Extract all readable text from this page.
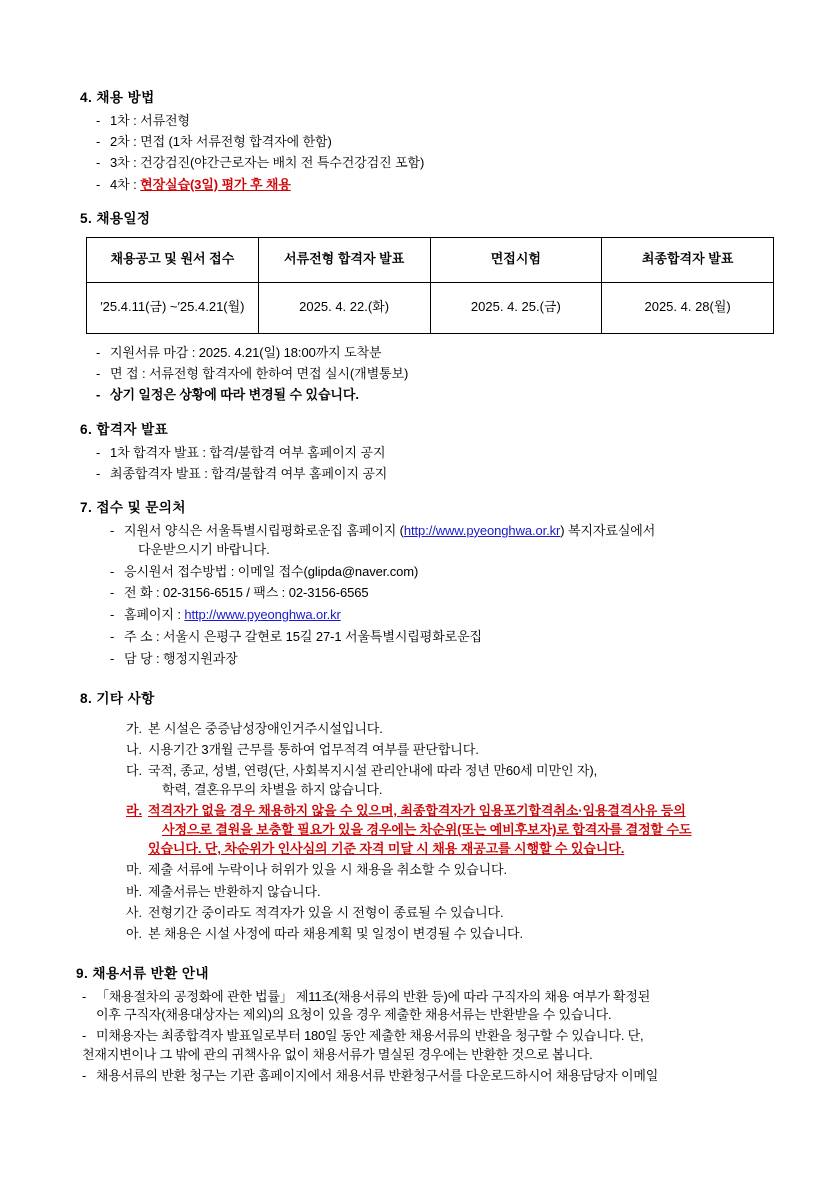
4. 채용 방법
- 1차 : 서류전형
- 2차 : 면접 (1차 서류전형 합격자에 한함)
- 3차 : 건강검진(야간근로자는 배치 전 특수건강검진 포함)
- 4차 : 현장실습(3일) 평가 후 채용
5. 채용일정
채용공고 및 원서 접수	서류전형 합격자 발표	면접시험	최종합격자 발표
′25.4.11(금) ~′25.4.21(월)	2025. 4. 22.(화)	2025. 4. 25.(금)	2025. 4. 28(월)
- 지원서류 마감 : 2025. 4.21(일) 18:00까지 도착분
- 면 접 : 서류전형 합격자에 한하여 면접 실시(개별통보)
- 상기 일정은 상황에 따라 변경될 수 있습니다.
6. 합격자 발표
- 1차 합격자 발표 : 합격/불합격 여부 홈페이지 공지
- 최종합격자 발표 : 합격/불합격 여부 홈페이지 공지
7. 접수 및 문의처
- 지원서 양식은 서울특별시립평화로운집 홈페이지 (http://www.pyeonghwa.or.kr) 복지자료실에서
다운받으시기 바랍니다.
- 응시원서 접수방법 : 이메일 접수(glipda@naver.com)
- 전 화 : 02-3156-6515 / 팩스 : 02-3156-6565
- 홈페이지 : http://www.pyeonghwa.or.kr
- 주 소 : 서울시 은평구 갈현로 15길 27-1 서울특별시립평화로운집
- 담 당 : 행정지원과장
8. 기타 사항
가. 본 시설은 중증남성장애인거주시설입니다.
나. 시용기간 3개월 근무를 통하여 업무적격 여부를 판단합니다.
다. 국적, 종교, 성별, 연령(단, 사회복지시설 관리안내에 따라 정년 만60세 미만인 자),
학력, 결혼유무의 차별을 하지 않습니다.
라. 적격자가 없을 경우 채용하지 않을 수 있으며, 최종합격자가 임용포기합격취소·임용결격사유 등의
사정으로 결원을 보충할 필요가 있을 경우에는 차순위(또는 예비후보자)로 합격자를 결정할 수도
있습니다. 단, 차순위가 인사심의 기준 자격 미달 시 채용 재공고를 시행할 수 있습니다.
마. 제출 서류에 누락이나 허위가 있을 시 채용을 취소할 수 있습니다.
바. 제출서류는 반환하지 않습니다.
사. 전형기간 중이라도 적격자가 있을 시 전형이 종료될 수 있습니다.
아. 본 채용은 시설 사정에 따라 채용계획 및 일정이 변경될 수 있습니다.
9. 채용서류 반환 안내
- 「채용절차의 공정화에 관한 법률」 제11조(채용서류의 반환 등)에 따라 구직자의 채용 여부가 확정된
이후 구직자(채용대상자는 제외)의 요청이 있을 경우 제출한 채용서류는 반환받을 수 있습니다.
- 미채용자는 최종합격자 발표일로부터 180일 동안 제출한 채용서류의 반환을 청구할 수 있습니다. 단,
천재지변이나 그 밖에 관의 귀책사유 없이 채용서류가 멸실된 경우에는 반환한 것으로 봅니다.
- 채용서류의 반환 청구는 기관 홈페이지에서 채용서류 반환청구서를 다운로드하시어 채용담당자 이메일
